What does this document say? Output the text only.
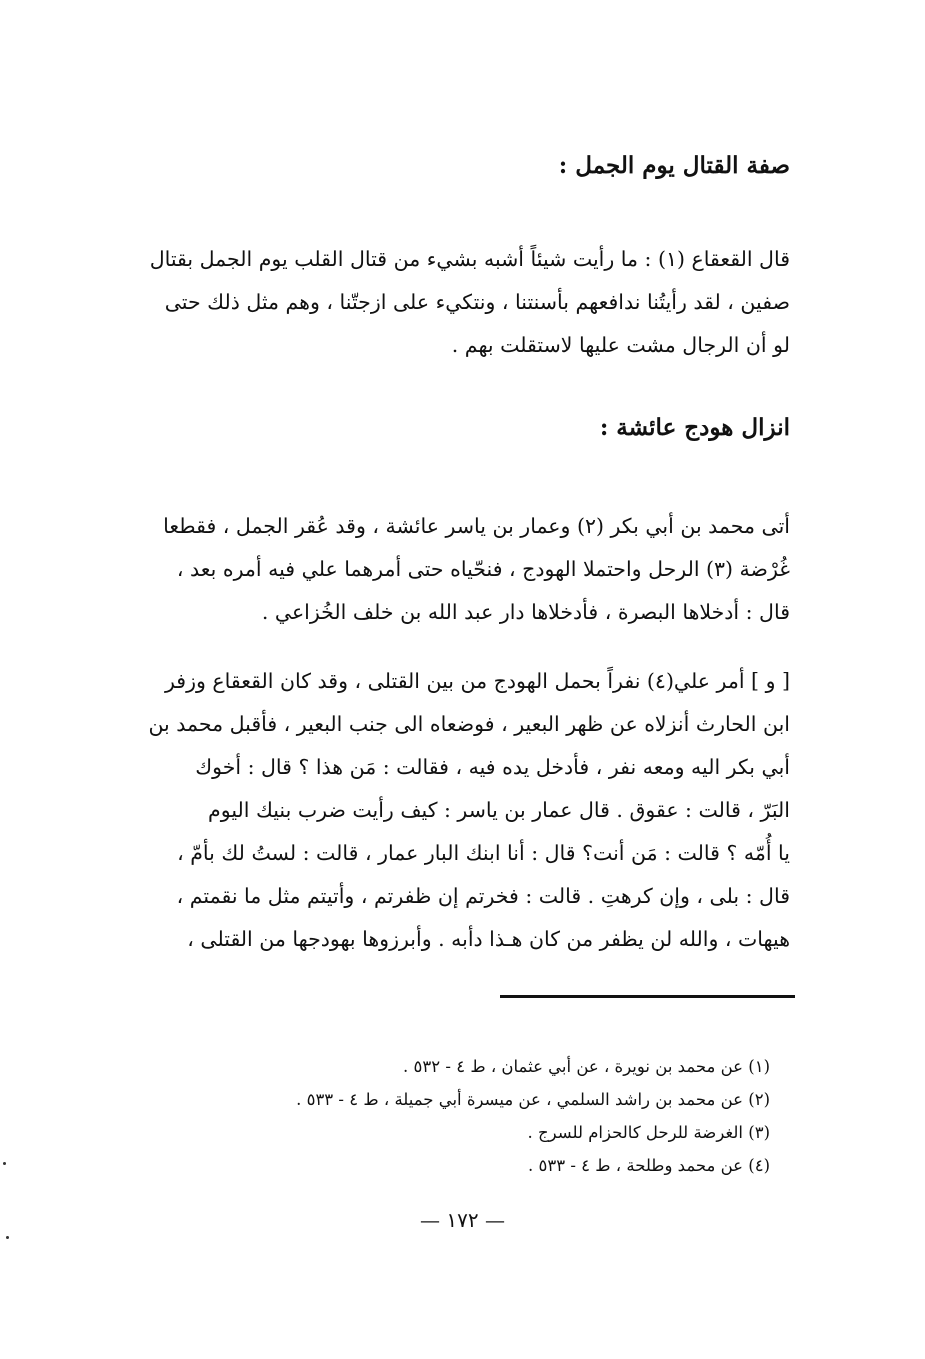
صفة القتال يوم الجمل :
قال القعقاع (١) : ما رأيت شيئاً أشبه بشيء من قتال القلب يوم الجمل بقتال
صفين ، لقد رأيتُنا ندافعهم بأسنتنا ، ونتكيء على ازجتّنا ، وهم مثل ذلك حتى
لو أن الرجال مشت عليها لاستقلت بهم .
انزال هودج عائشة :
أتى محمد بن أبي بكر (٢) وعمار بن ياسر عائشة ، وقد عُقر الجمل ، فقطعا
غُرْضة (٣) الرحل واحتملا الهودج ، فنحّياه حتى أمرهما علي فيه أمره بعد ،
قال : أدخلاها البصرة ، فأدخلاها دار عبد الله بن خلف الخُزاعي .
[ و ] أمر علي(٤) نفراً بحمل الهودج من بين القتلى ، وقد كان القعقاع وزفر
ابن الحارث أنزلاه عن ظهر البعير ، فوضعاه الى جنب البعير ، فأقبل محمد بن
أبي بكر اليه ومعه نفر ، فأدخل يده فيه ، فقالت : مَن هذا ؟ قال : أخوك
البَرّ ، قالت : عقوق . قال عمار بن ياسر : كيف رأيت ضرب بنيك اليوم
يا أُمّه ؟ قالت : مَن أنت؟ قال : أنا ابنك البار عمار ، قالت : لستُ لك بأمّ ،
قال : بلى ، وإن كرهتِ . قالت : فخرتم إن ظفرتم ، وأتيتم مثل ما نقمتم ،
هيهات ، والله لن يظفر من كان هـذا دأبه . وأبرزوها بهودجها من القتلى ،
(١) عن محمد بن نويرة ، عن أبي عثمان ، ط ٤ - ٥٣٢ .
(٢) عن محمد بن راشد السلمي ، عن ميسرة أبي جميلة ، ط ٤ - ٥٣٣ .
(٣) الغرضة للرحل كالحزام للسرج .
(٤) عن محمد وطلحة ، ط ٤ - ٥٣٣ .
— ١٧٢ —
